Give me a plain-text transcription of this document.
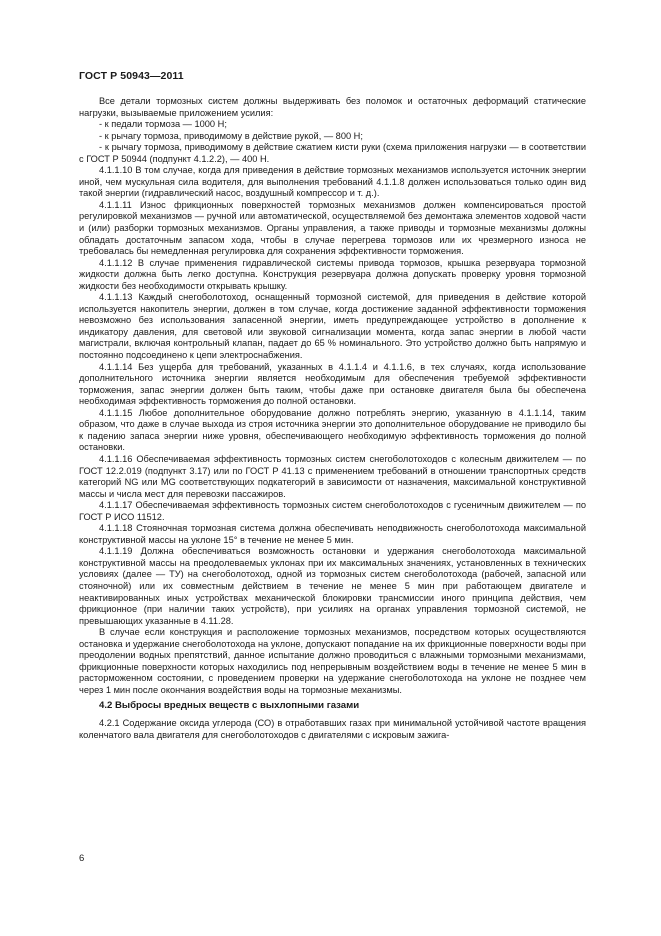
ГОСТ Р 50943—2011

Все детали тормозных систем должны выдерживать без поломок и остаточных деформаций статические нагрузки, вызываемые приложением усилия:

- к педали тормоза — 1000 Н;

- к рычагу тормоза, приводимому в действие рукой, — 800 Н;

- к рычагу тормоза, приводимому в действие сжатием кисти руки (схема приложения нагрузки — в соответствии с ГОСТ Р 50944 (подпункт 4.1.2.2), — 400 Н.

4.1.1.10 В том случае, когда для приведения в действие тормозных механизмов используется источник энергии иной, чем мускульная сила водителя, для выполнения требований 4.1.1.8 должен использоваться только один вид такой энергии (гидравлический насос, воздушный компрессор и т. д.).

4.1.1.11 Износ фрикционных поверхностей тормозных механизмов должен компенсироваться простой регулировкой механизмов — ручной или автоматической, осуществляемой без демонтажа элементов ходовой части и (или) разборки тормозных механизмов. Органы управления, а также приводы и тормозные механизмы должны обладать достаточным запасом хода, чтобы в случае перегрева тормозов или их чрезмерного износа не требовалась бы немедленная регулировка для сохранения эффективности торможения.

4.1.1.12 В случае применения гидравлической системы привода тормозов, крышка резервуара тормозной жидкости должна быть легко доступна. Конструкция резервуара должна допускать проверку уровня тормозной жидкости без необходимости открывать крышку.

4.1.1.13 Каждый снегоболотоход, оснащенный тормозной системой, для приведения в действие которой используется накопитель энергии, должен в том случае, когда достижение заданной эффективности торможения невозможно без использования запасенной энергии, иметь предупреждающее устройство в дополнение к индикатору давления, для световой или звуковой сигнализации момента, когда запас энергии в любой части магистрали, включая контрольный клапан, падает до 65 % номинального. Это устройство должно быть напрямую и постоянно подсоединено к цепи электроснабжения.

4.1.1.14 Без ущерба для требований, указанных в 4.1.1.4 и 4.1.1.6, в тех случаях, когда использование дополнительного источника энергии является необходимым для обеспечения требуемой эффективности торможения, запас энергии должен быть таким, чтобы даже при остановке двигателя была бы обеспечена необходимая эффективность торможения до полной остановки.

4.1.1.15 Любое дополнительное оборудование должно потреблять энергию, указанную в 4.1.1.14, таким образом, что даже в случае выхода из строя источника энергии это дополнительное оборудование не приводило бы к падению запаса энергии ниже уровня, обеспечивающего необходимую эффективность торможения до полной остановки.

4.1.1.16 Обеспечиваемая эффективность тормозных систем снегоболотоходов с колесным движителем — по ГОСТ 12.2.019 (подпункт 3.17) или по ГОСТ Р 41.13 с применением требований в отношении транспортных средств категорий NG или MG соответствующих подкатегорий в зависимости от назначения, максимальной конструктивной массы и числа мест для перевозки пассажиров.

4.1.1.17 Обеспечиваемая эффективность тормозных систем снегоболотоходов с гусеничным движителем — по ГОСТ Р ИСО 11512.

4.1.1.18 Стояночная тормозная система должна обеспечивать неподвижность снегоболотохода максимальной конструктивной массы на уклоне 15° в течение не менее 5 мин.

4.1.1.19 Должна обеспечиваться возможность остановки и удержания снегоболотохода максимальной конструктивной массы на преодолеваемых уклонах при их максимальных значениях, установленных в технических условиях (далее — ТУ) на снегоболотоход, одной из тормозных систем снегоболотохода (рабочей, запасной или стояночной) или их совместным действием в течение не менее 5 мин при работающем двигателе и неактивированных иных устройствах механической блокировки трансмиссии иного принципа действия, чем фрикционное (при наличии таких устройств), при усилиях на органах управления тормозной системой, не превышающих указанные в 4.11.28.

В случае если конструкция и расположение тормозных механизмов, посредством которых осуществляются остановка и удержание снегоболотохода на уклоне, допускают попадание на их фрикционные поверхности воды при преодолении водных препятствий, данное испытание должно проводиться с влажными тормозными механизмами, фрикционные поверхности которых находились под непрерывным воздействием воды в течение не менее 5 мин в расторможенном состоянии, с проведением проверки на удержание снегоболотохода на уклоне не позднее чем через 1 мин после окончания воздействия воды на тормозные механизмы.

4.2 Выбросы вредных веществ с выхлопными газами

4.2.1 Содержание оксида углерода (СО) в отработавших газах при минимальной устойчивой частоте вращения коленчатого вала двигателя для снегоболотоходов с двигателями с искровым зажига-

6
